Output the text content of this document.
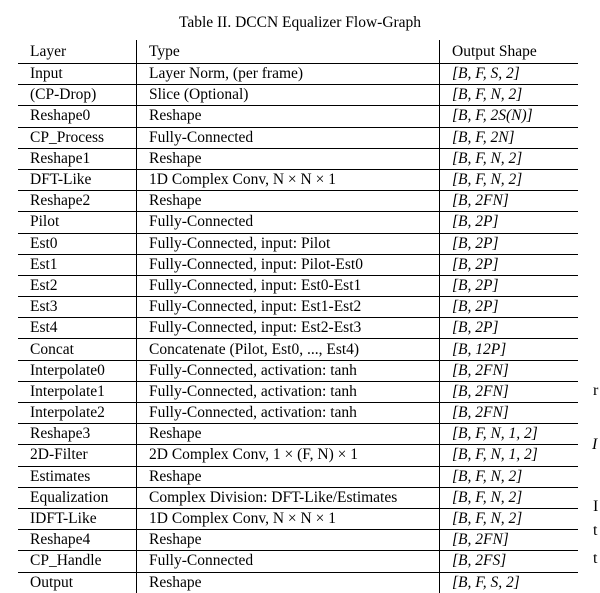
Table II. DCCN Equalizer Flow-Graph
Layer	Type	Output Shape
Input	Layer Norm, (per frame)	[B, F, S, 2]
(CP-Drop)	Slice (Optional)	[B, F, N, 2]
Reshape0	Reshape	[B, F, 2S(N)]
CP_Process	Fully-Connected	[B, F, 2N]
Reshape1	Reshape	[B, F, N, 2]
DFT-Like	1D Complex Conv, N × N × 1	[B, F, N, 2]
Reshape2	Reshape	[B, 2FN]
Pilot	Fully-Connected	[B, 2P]
Est0	Fully-Connected, input: Pilot	[B, 2P]
Est1	Fully-Connected, input: Pilot-Est0	[B, 2P]
Est2	Fully-Connected, input: Est0-Est1	[B, 2P]
Est3	Fully-Connected, input: Est1-Est2	[B, 2P]
Est4	Fully-Connected, input: Est2-Est3	[B, 2P]
Concat	Concatenate (Pilot, Est0, ..., Est4)	[B, 12P]
Interpolate0	Fully-Connected, activation: tanh	[B, 2FN]
Interpolate1	Fully-Connected, activation: tanh	[B, 2FN]
Interpolate2	Fully-Connected, activation: tanh	[B, 2FN]
Reshape3	Reshape	[B, F, N, 1, 2]
2D-Filter	2D Complex Conv, 1 × (F, N) × 1	[B, F, N, 1, 2]
Estimates	Reshape	[B, F, N, 2]
Equalization	Complex Division: DFT-Like/Estimates	[B, F, N, 2]
IDFT-Like	1D Complex Conv, N × N × 1	[B, F, N, 2]
Reshape4	Reshape	[B, 2FN]
CP_Handle	Fully-Connected	[B, 2FS]
Output	Reshape	[B, F, S, 2]
r
I
I
t
t
